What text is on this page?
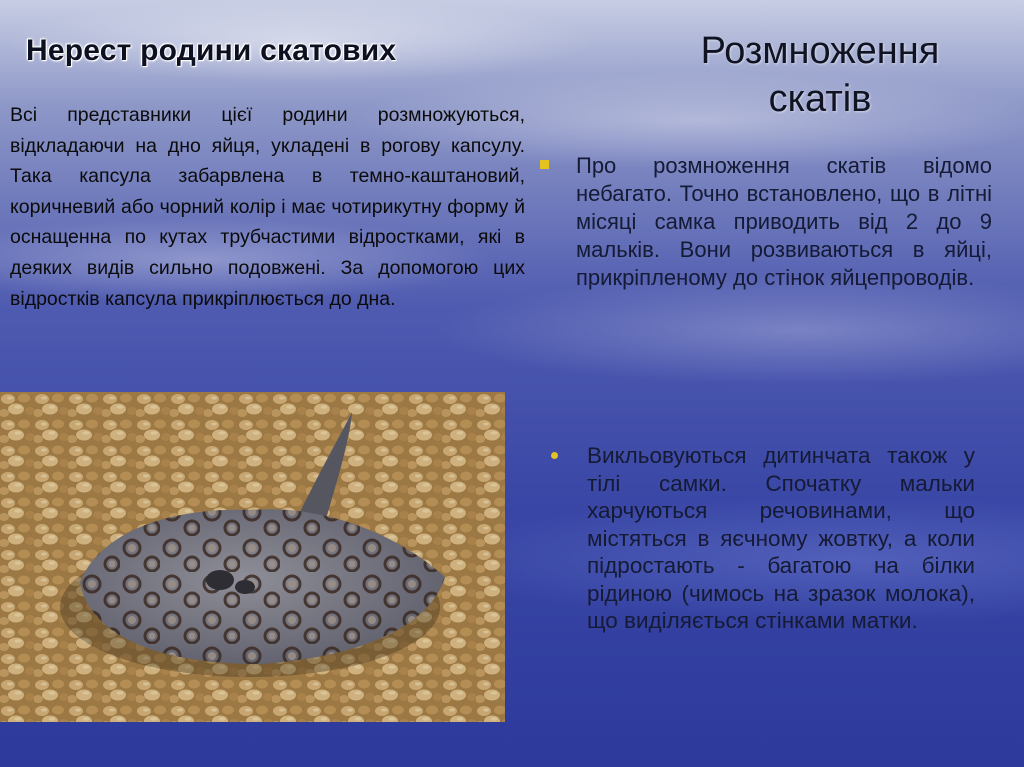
Нерест родини скатових	Розмноження скатів

Всі представники цієї родини розмножуються, відкладаючи на дно яйця, укладені в рогову капсулу. Така капсула забарвлена в темно-каштановий, коричневий або чорний колір і має чотирикутну форму й оснащенна по кутах трубчастими відростками, які в деяких видів сильно подовжені. За допомогою цих відростків капсула прикріплюється до дна.

Про розмноження скатів відомо небагато. Точно встановлено, що в літні місяці самка приводить від 2 до 9 мальків. Вони розвиваються в яйці, прикріпленому до стінок яйцепроводів.
Викльовуються дитинчата також у тілі самки. Спочатку мальки харчуються речовинами, що містяться в яєчному жовтку, а коли підростають - багатою на білки рідиною (чимось на зразок молока), що виділяється стінками матки.
